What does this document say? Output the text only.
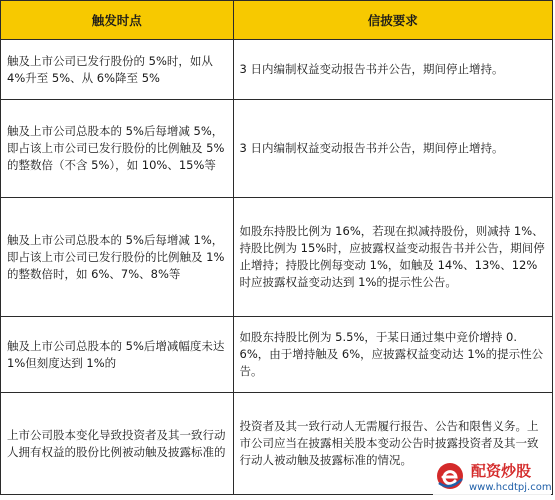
触发时点	信披要求
触及上市公司已发行股份的 5%时，如从 4%升至 5%、从 6%降至 5%	3 日内编制权益变动报告书并公告，期间停止增持。
触及上市公司总股本的 5%后每增减 5%，即占该上市公司已发行股份的比例触及 5%的整数倍（不含 5%），如 10%、15%等	3 日内编制权益变动报告书并公告，期间停止增持。
触及上市公司总股本的 5%后每增减 1%，即占该上市公司已发行股份的比例触及 1%的整数倍时，如 6%、7%、8%等	如股东持股比例为 16%，若现在拟减持股份，则减持 1%、持股比例为 15%时，应披露权益变动报告书并公告，期间停止增持；持股比例每变动 1%，如触及 14%、13%、12%时应披露权益变动达到 1%的提示性公告。
触及上市公司总股本的 5%后增减幅度未达 1%但刻度达到 1%的	如股东持股比例为 5.5%，于某日通过集中竞价增持 0.6%，由于增持触及 6%，应披露权益变动达 1%的提示性公告。
上市公司股本变化导致投资者及其一致行动人拥有权益的股份比例被动触及披露标准的	投资者及其一致行动人无需履行报告、公告和限售义务。上市公司应当在披露相关股本变动公告时披露投资者及其一致行动人被动触及披露标准的情况。
配资炒股
www.hcdtpj.com
